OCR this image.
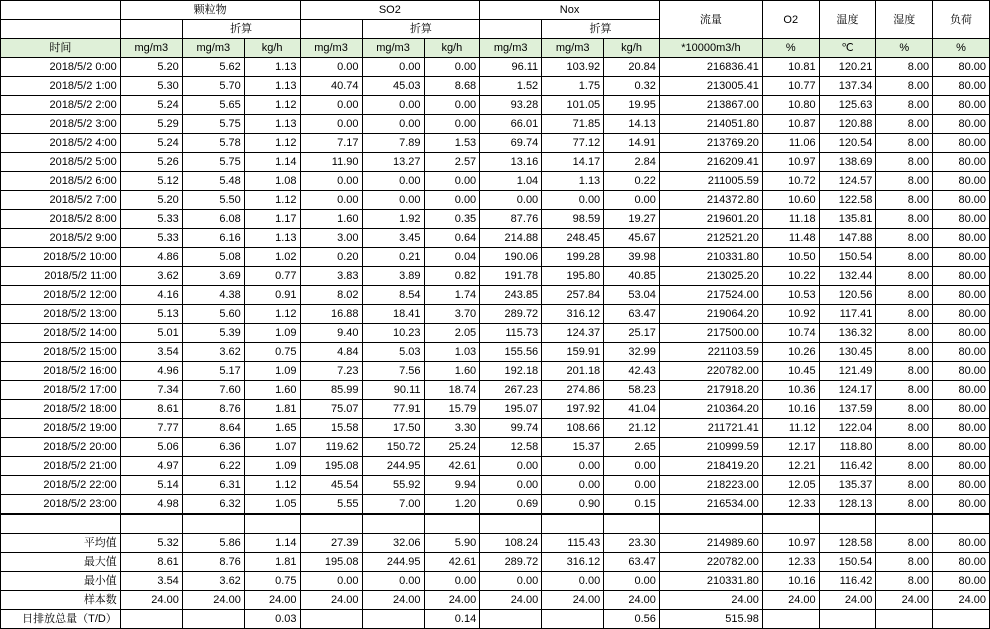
	颗粒物			SO2			Nox			流量	O2	温度	湿度	负荷
		折算			折算			折算						
时间	mg/m3	mg/m3	kg/h	mg/m3	mg/m3	kg/h	mg/m3	mg/m3	kg/h	*10000m3/h	%	℃	%	%
2018/5/2 0:00	5.20	5.62	1.13	0.00	0.00	0.00	96.11	103.92	20.84	216836.41	10.81	120.21	8.00	80.00
2018/5/2 1:00	5.30	5.70	1.13	40.74	45.03	8.68	1.52	1.75	0.32	213005.41	10.77	137.34	8.00	80.00
2018/5/2 2:00	5.24	5.65	1.12	0.00	0.00	0.00	93.28	101.05	19.95	213867.00	10.80	125.63	8.00	80.00
2018/5/2 3:00	5.29	5.75	1.13	0.00	0.00	0.00	66.01	71.85	14.13	214051.80	10.87	120.88	8.00	80.00
2018/5/2 4:00	5.24	5.78	1.12	7.17	7.89	1.53	69.74	77.12	14.91	213769.20	11.06	120.54	8.00	80.00
2018/5/2 5:00	5.26	5.75	1.14	11.90	13.27	2.57	13.16	14.17	2.84	216209.41	10.97	138.69	8.00	80.00
2018/5/2 6:00	5.12	5.48	1.08	0.00	0.00	0.00	1.04	1.13	0.22	211005.59	10.72	124.57	8.00	80.00
2018/5/2 7:00	5.20	5.50	1.12	0.00	0.00	0.00	0.00	0.00	0.00	214372.80	10.60	122.58	8.00	80.00
2018/5/2 8:00	5.33	6.08	1.17	1.60	1.92	0.35	87.76	98.59	19.27	219601.20	11.18	135.81	8.00	80.00
2018/5/2 9:00	5.33	6.16	1.13	3.00	3.45	0.64	214.88	248.45	45.67	212521.20	11.48	147.88	8.00	80.00
2018/5/2 10:00	4.86	5.08	1.02	0.20	0.21	0.04	190.06	199.28	39.98	210331.80	10.50	150.54	8.00	80.00
2018/5/2 11:00	3.62	3.69	0.77	3.83	3.89	0.82	191.78	195.80	40.85	213025.20	10.22	132.44	8.00	80.00
2018/5/2 12:00	4.16	4.38	0.91	8.02	8.54	1.74	243.85	257.84	53.04	217524.00	10.53	120.56	8.00	80.00
2018/5/2 13:00	5.13	5.60	1.12	16.88	18.41	3.70	289.72	316.12	63.47	219064.20	10.92	117.41	8.00	80.00
2018/5/2 14:00	5.01	5.39	1.09	9.40	10.23	2.05	115.73	124.37	25.17	217500.00	10.74	136.32	8.00	80.00
2018/5/2 15:00	3.54	3.62	0.75	4.84	5.03	1.03	155.56	159.91	32.99	221103.59	10.26	130.45	8.00	80.00
2018/5/2 16:00	4.96	5.17	1.09	7.23	7.56	1.60	192.18	201.18	42.43	220782.00	10.45	121.49	8.00	80.00
2018/5/2 17:00	7.34	7.60	1.60	85.99	90.11	18.74	267.23	274.86	58.23	217918.20	10.36	124.17	8.00	80.00
2018/5/2 18:00	8.61	8.76	1.81	75.07	77.91	15.79	195.07	197.92	41.04	210364.20	10.16	137.59	8.00	80.00
2018/5/2 19:00	7.77	8.64	1.65	15.58	17.50	3.30	99.74	108.66	21.12	211721.41	11.12	122.04	8.00	80.00
2018/5/2 20:00	5.06	6.36	1.07	119.62	150.72	25.24	12.58	15.37	2.65	210999.59	12.17	118.80	8.00	80.00
2018/5/2 21:00	4.97	6.22	1.09	195.08	244.95	42.61	0.00	0.00	0.00	218419.20	12.21	116.42	8.00	80.00
2018/5/2 22:00	5.14	6.31	1.12	45.54	55.92	9.94	0.00	0.00	0.00	218223.00	12.05	135.37	8.00	80.00
2018/5/2 23:00	4.98	6.32	1.05	5.55	7.00	1.20	0.69	0.90	0.15	216534.00	12.33	128.13	8.00	80.00

平均值	5.32	5.86	1.14	27.39	32.06	5.90	108.24	115.43	23.30	214989.60	10.97	128.58	8.00	80.00
最大值	8.61	8.76	1.81	195.08	244.95	42.61	289.72	316.12	63.47	220782.00	12.33	150.54	8.00	80.00
最小值	3.54	3.62	0.75	0.00	0.00	0.00	0.00	0.00	0.00	210331.80	10.16	116.42	8.00	80.00
样本数	24.00	24.00	24.00	24.00	24.00	24.00	24.00	24.00	24.00	24.00	24.00	24.00	24.00	24.00
日排放总量（T/D）			0.03			0.14			0.56	515.98				
